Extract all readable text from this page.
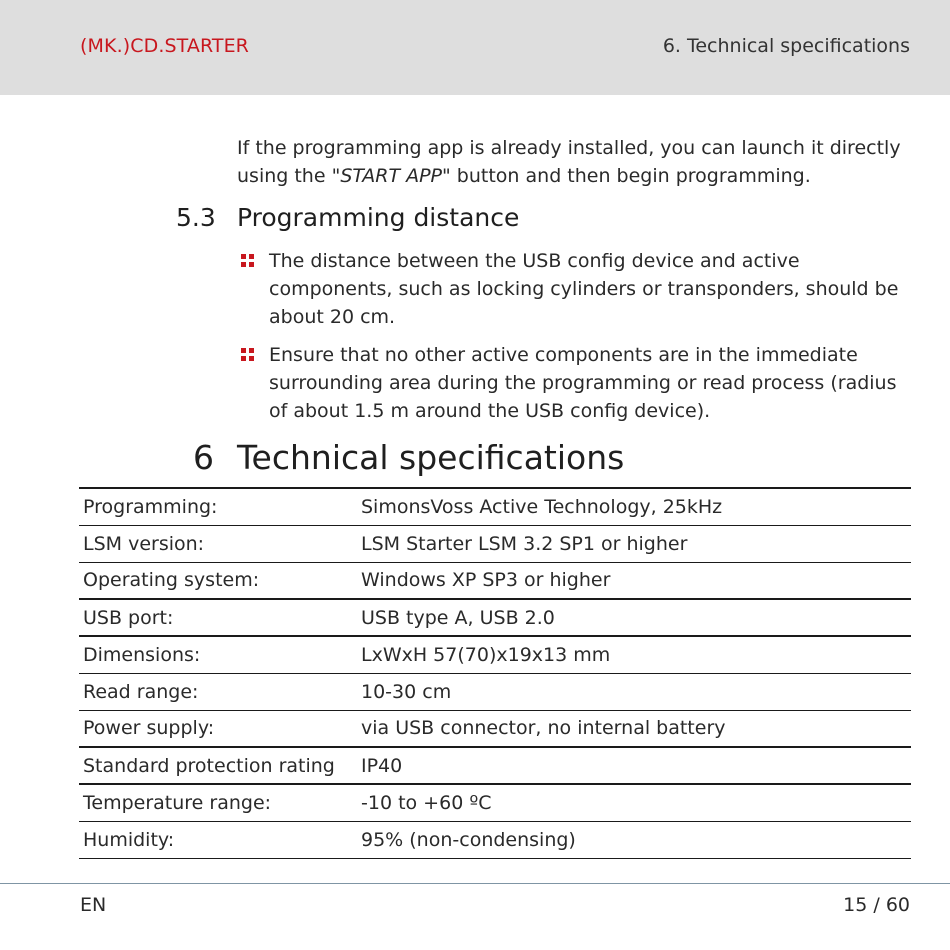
(MK.)CD.STARTER	6. Technical specifications

If the programming app is already installed, you can launch it directly using the "START APP" button and then begin programming.

5.3 Programming distance
The distance between the USB config device and active components, such as locking cylinders or transponders, should be about 20 cm.
Ensure that no other active components are in the immediate surrounding area during the programming or read process (radius of about 1.5 m around the USB config device).
6 Technical specifications
Programming:	SimonsVoss Active Technology, 25kHz
LSM version:	LSM Starter LSM 3.2 SP1 or higher
Operating system:	Windows XP SP3 or higher
USB port:	USB type A, USB 2.0
Dimensions:	LxWxH 57(70)x19x13 mm
Read range:	10-30 cm
Power supply:	via USB connector, no internal battery
Standard protection rating	IP40
Temperature range:	-10 to +60 ºC
Humidity:	95% (non-condensing)
EN	15 / 60
